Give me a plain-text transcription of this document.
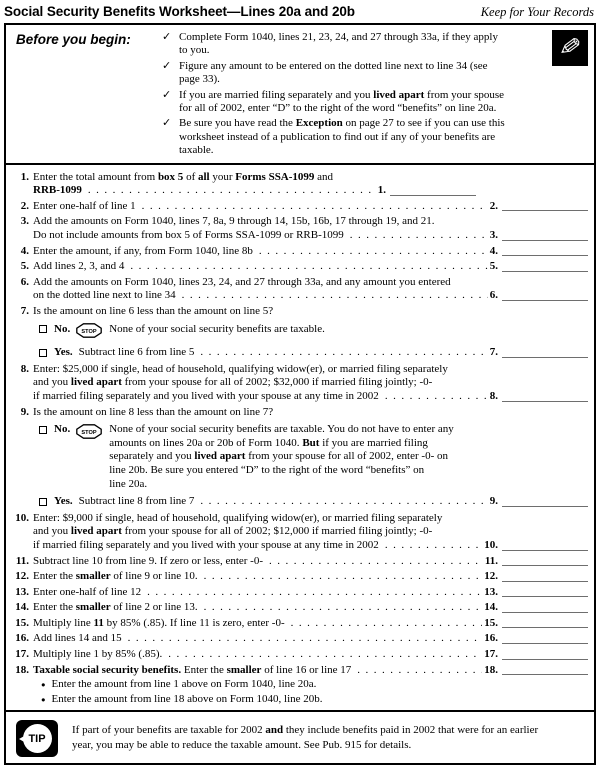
Social Security Benefits Worksheet—Lines 20a and 20b	Keep for Your Records
Before you begin:	✓ Complete Form 1040, lines 21, 23, 24, and 27 through 33a, if they apply
to you.
✓ Figure any amount to be entered on the dotted line next to line 34 (see
page 33).
✓ If you are married filing separately and you lived apart from your spouse
for all of 2002, enter “D” to the right of the word “benefits” on line 20a.
✓ Be sure you have read the Exception on page 27 to see if you can use this
worksheet instead of a publication to find out if any of your benefits are
taxable.
✎
1. Enter the total amount from box 5 of all your Forms SSA-1099 and
RRB-1099 .....	1.
2. Enter one-half of line 1 .....	2.
3. Add the amounts on Form 1040, lines 7, 8a, 9 through 14, 15b, 16b, 17 through 19, and 21.
Do not include amounts from box 5 of Forms SSA-1099 or RRB-1099 .....	3.
4. Enter the amount, if any, from Form 1040, line 8b .....	4.
5. Add lines 2, 3, and 4 .....	5.
6. Add the amounts on Form 1040, lines 23, 24, and 27 through 33a, and any amount you entered
on the dotted line next to line 34 .....	6.
7. Is the amount on line 6 less than the amount on line 5?
No. STOP None of your social security benefits are taxable.
Yes. Subtract line 6 from line 5 .....	7.
8. Enter: $25,000 if single, head of household, qualifying widow(er), or married filing separately
and you lived apart from your spouse for all of 2002; $32,000 if married filing jointly; -0-
if married filing separately and you lived with your spouse at any time in 2002 .....	8.
9. Is the amount on line 8 less than the amount on line 7?
No. STOP None of your social security benefits are taxable. You do not have to enter any
amounts on lines 20a or 20b of Form 1040. But if you are married filing
separately and you lived apart from your spouse for all of 2002, enter -0- on
line 20b. Be sure you entered “D” to the right of the word “benefits” on
line 20a.
Yes. Subtract line 8 from line 7 .....	9.
10. Enter: $9,000 if single, head of household, qualifying widow(er), or married filing separately
and you lived apart from your spouse for all of 2002; $12,000 if married filing jointly; -0-
if married filing separately and you lived with your spouse at any time in 2002 .....	10.
11. Subtract line 10 from line 9. If zero or less, enter -0- .....	11.
12. Enter the smaller of line 9 or line 10. .....	12.
13. Enter one-half of line 12 .....	13.
14. Enter the smaller of line 2 or line 13. .....	14.
15. Multiply line 11 by 85% (.85). If line 11 is zero, enter -0- .....	15.
16. Add lines 14 and 15 .....	16.
17. Multiply line 1 by 85% (.85). .....	17.
18. Taxable social security benefits. Enter the smaller of line 16 or line 17 .....	18.
● Enter the amount from line 1 above on Form 1040, line 20a.
● Enter the amount from line 18 above on Form 1040, line 20b.
TIP
If part of your benefits are taxable for 2002 and they include benefits paid in 2002 that were for an earlier
year, you may be able to reduce the taxable amount. See Pub. 915 for details.
